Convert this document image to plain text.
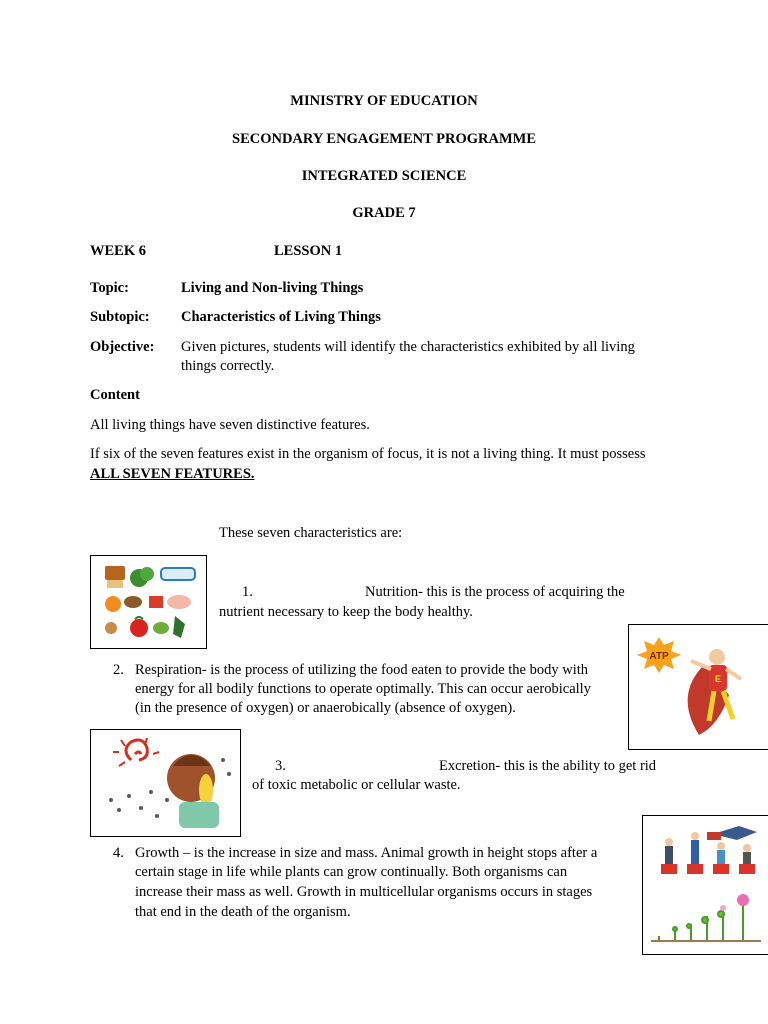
MINISTRY OF EDUCATION
SECONDARY ENGAGEMENT PROGRAMME
INTEGRATED SCIENCE
GRADE 7
WEEK 6	LESSON 1
Topic:	Living and Non-living Things
Subtopic: Characteristics of Living Things
Objective: Given pictures, students will identify the characteristics exhibited by all living
things correctly.
Content
All living things have seven distinctive features.
If six of the seven features exist in the organism of focus, it is not a living thing. It must possess
ALL SEVEN FEATURES.
These seven characteristics are:
1.	Nutrition- this is the process of acquiring the
nutrient necessary to keep the body healthy.
ATP
E
2. Respiration- is the process of utilizing the food eaten to provide the body with
energy for all bodily functions to operate optimally. This can occur aerobically
(in the presence of oxygen) or anaerobically (absence of oxygen).
3.	Excretion- this is the ability to get rid
of toxic metabolic or cellular waste.
4. Growth – is the increase in size and mass. Animal growth in height stops after a
certain stage in life while plants can grow continually. Both organisms can
increase their mass as well. Growth in multicellular organisms occurs in stages
that end in the death of the organism.
